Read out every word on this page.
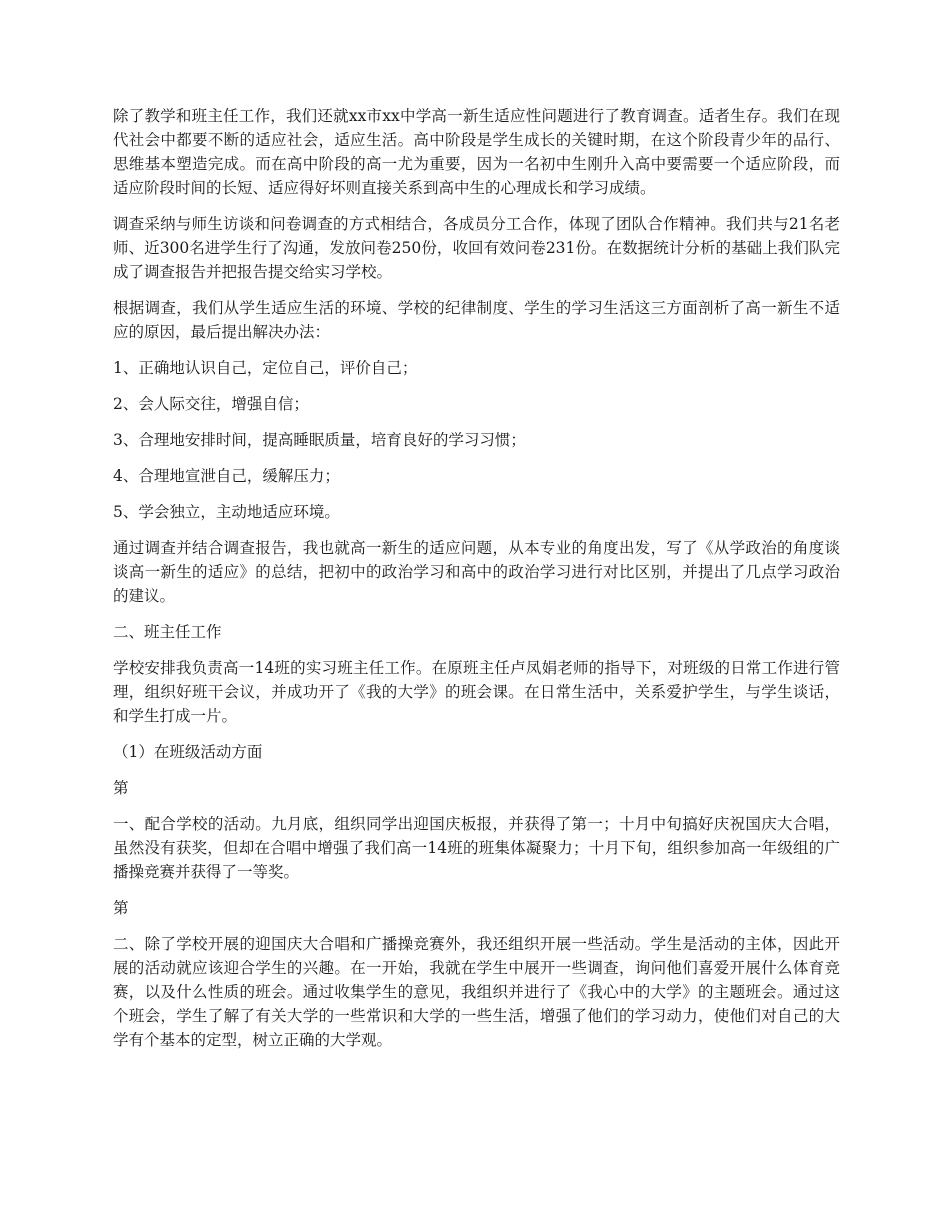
除了教学和班主任工作，我们还就xx市xx中学高一新生适应性问题进行了教育调查。适者生存。我们在现代社会中都要不断的适应社会，适应生活。高中阶段是学生成长的关键时期，在这个阶段青少年的品行、思维基本塑造完成。而在高中阶段的高一尤为重要，因为一名初中生刚升入高中要需要一个适应阶段，而适应阶段时间的长短、适应得好坏则直接关系到高中生的心理成长和学习成绩。

调查采纳与师生访谈和问卷调查的方式相结合，各成员分工合作，体现了团队合作精神。我们共与21名老师、近300名进学生行了沟通，发放问卷250份，收回有效问卷231份。在数据统计分析的基础上我们队完成了调查报告并把报告提交给实习学校。

根据调查，我们从学生适应生活的环境、学校的纪律制度、学生的学习生活这三方面剖析了高一新生不适应的原因，最后提出解决办法：

1、正确地认识自己，定位自己，评价自己；

2、会人际交往，增强自信；

3、合理地安排时间，提高睡眠质量，培育良好的学习习惯；

4、合理地宣泄自己，缓解压力；

5、学会独立，主动地适应环境。

通过调查并结合调查报告，我也就高一新生的适应问题，从本专业的角度出发，写了《从学政治的角度谈谈高一新生的适应》的总结，把初中的政治学习和高中的政治学习进行对比区别，并提出了几点学习政治的建议。

二、班主任工作

学校安排我负责高一14班的实习班主任工作。在原班主任卢凤娟老师的指导下，对班级的日常工作进行管理，组织好班干会议，并成功开了《我的大学》的班会课。在日常生活中，关系爱护学生，与学生谈话，和学生打成一片。

（1）在班级活动方面

第

一、配合学校的活动。九月底，组织同学出迎国庆板报，并获得了第一；十月中旬搞好庆祝国庆大合唱，虽然没有获奖，但却在合唱中增强了我们高一14班的班集体凝聚力；十月下旬，组织参加高一年级组的广播操竞赛并获得了一等奖。

第

二、除了学校开展的迎国庆大合唱和广播操竞赛外，我还组织开展一些活动。学生是活动的主体，因此开展的活动就应该迎合学生的兴趣。在一开始，我就在学生中展开一些调查，询问他们喜爱开展什么体育竞赛，以及什么性质的班会。通过收集学生的意见，我组织并进行了《我心中的大学》的主题班会。通过这个班会，学生了解了有关大学的一些常识和大学的一些生活，增强了他们的学习动力，使他们对自己的大学有个基本的定型，树立正确的大学观。
